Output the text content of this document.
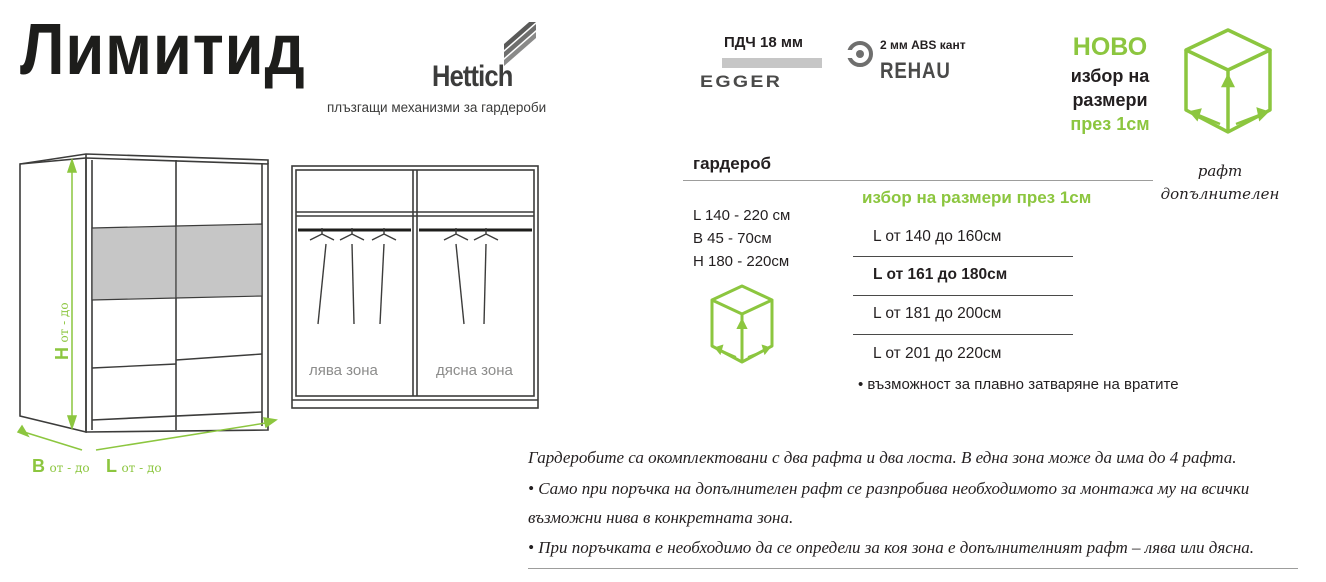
Лимитид	Hettich
плъзгащи механизми за гардероби
ПДЧ 18 мм
EGGER
2 мм ABS кант
REHAU
НОВО
избор на
размери
през 1см
рафт
допълнителен
гардероб
L 140 - 220 см
В 45 - 70см
Н 180 - 220см
избор на размери през 1см
L от 140 до 160см
L от 161 до 180см
L от 181 до 200см
L от 201 до 220см
• възможност за плавно затваряне на вратите
Н от - до
В от - до L от - до
лява зона	дясна зона
Гардеробите са окомплектовани с два рафта и два лоста. В една зона може да има до 4 рафта.
• Само при поръчка на допълнителен рафт се разпробива необходимото за монтажа му на всички
възможни нива в конкретната зона.
• При поръчката е необходимо да се определи за коя зона е допълнителният рафт – лява или дясна.
